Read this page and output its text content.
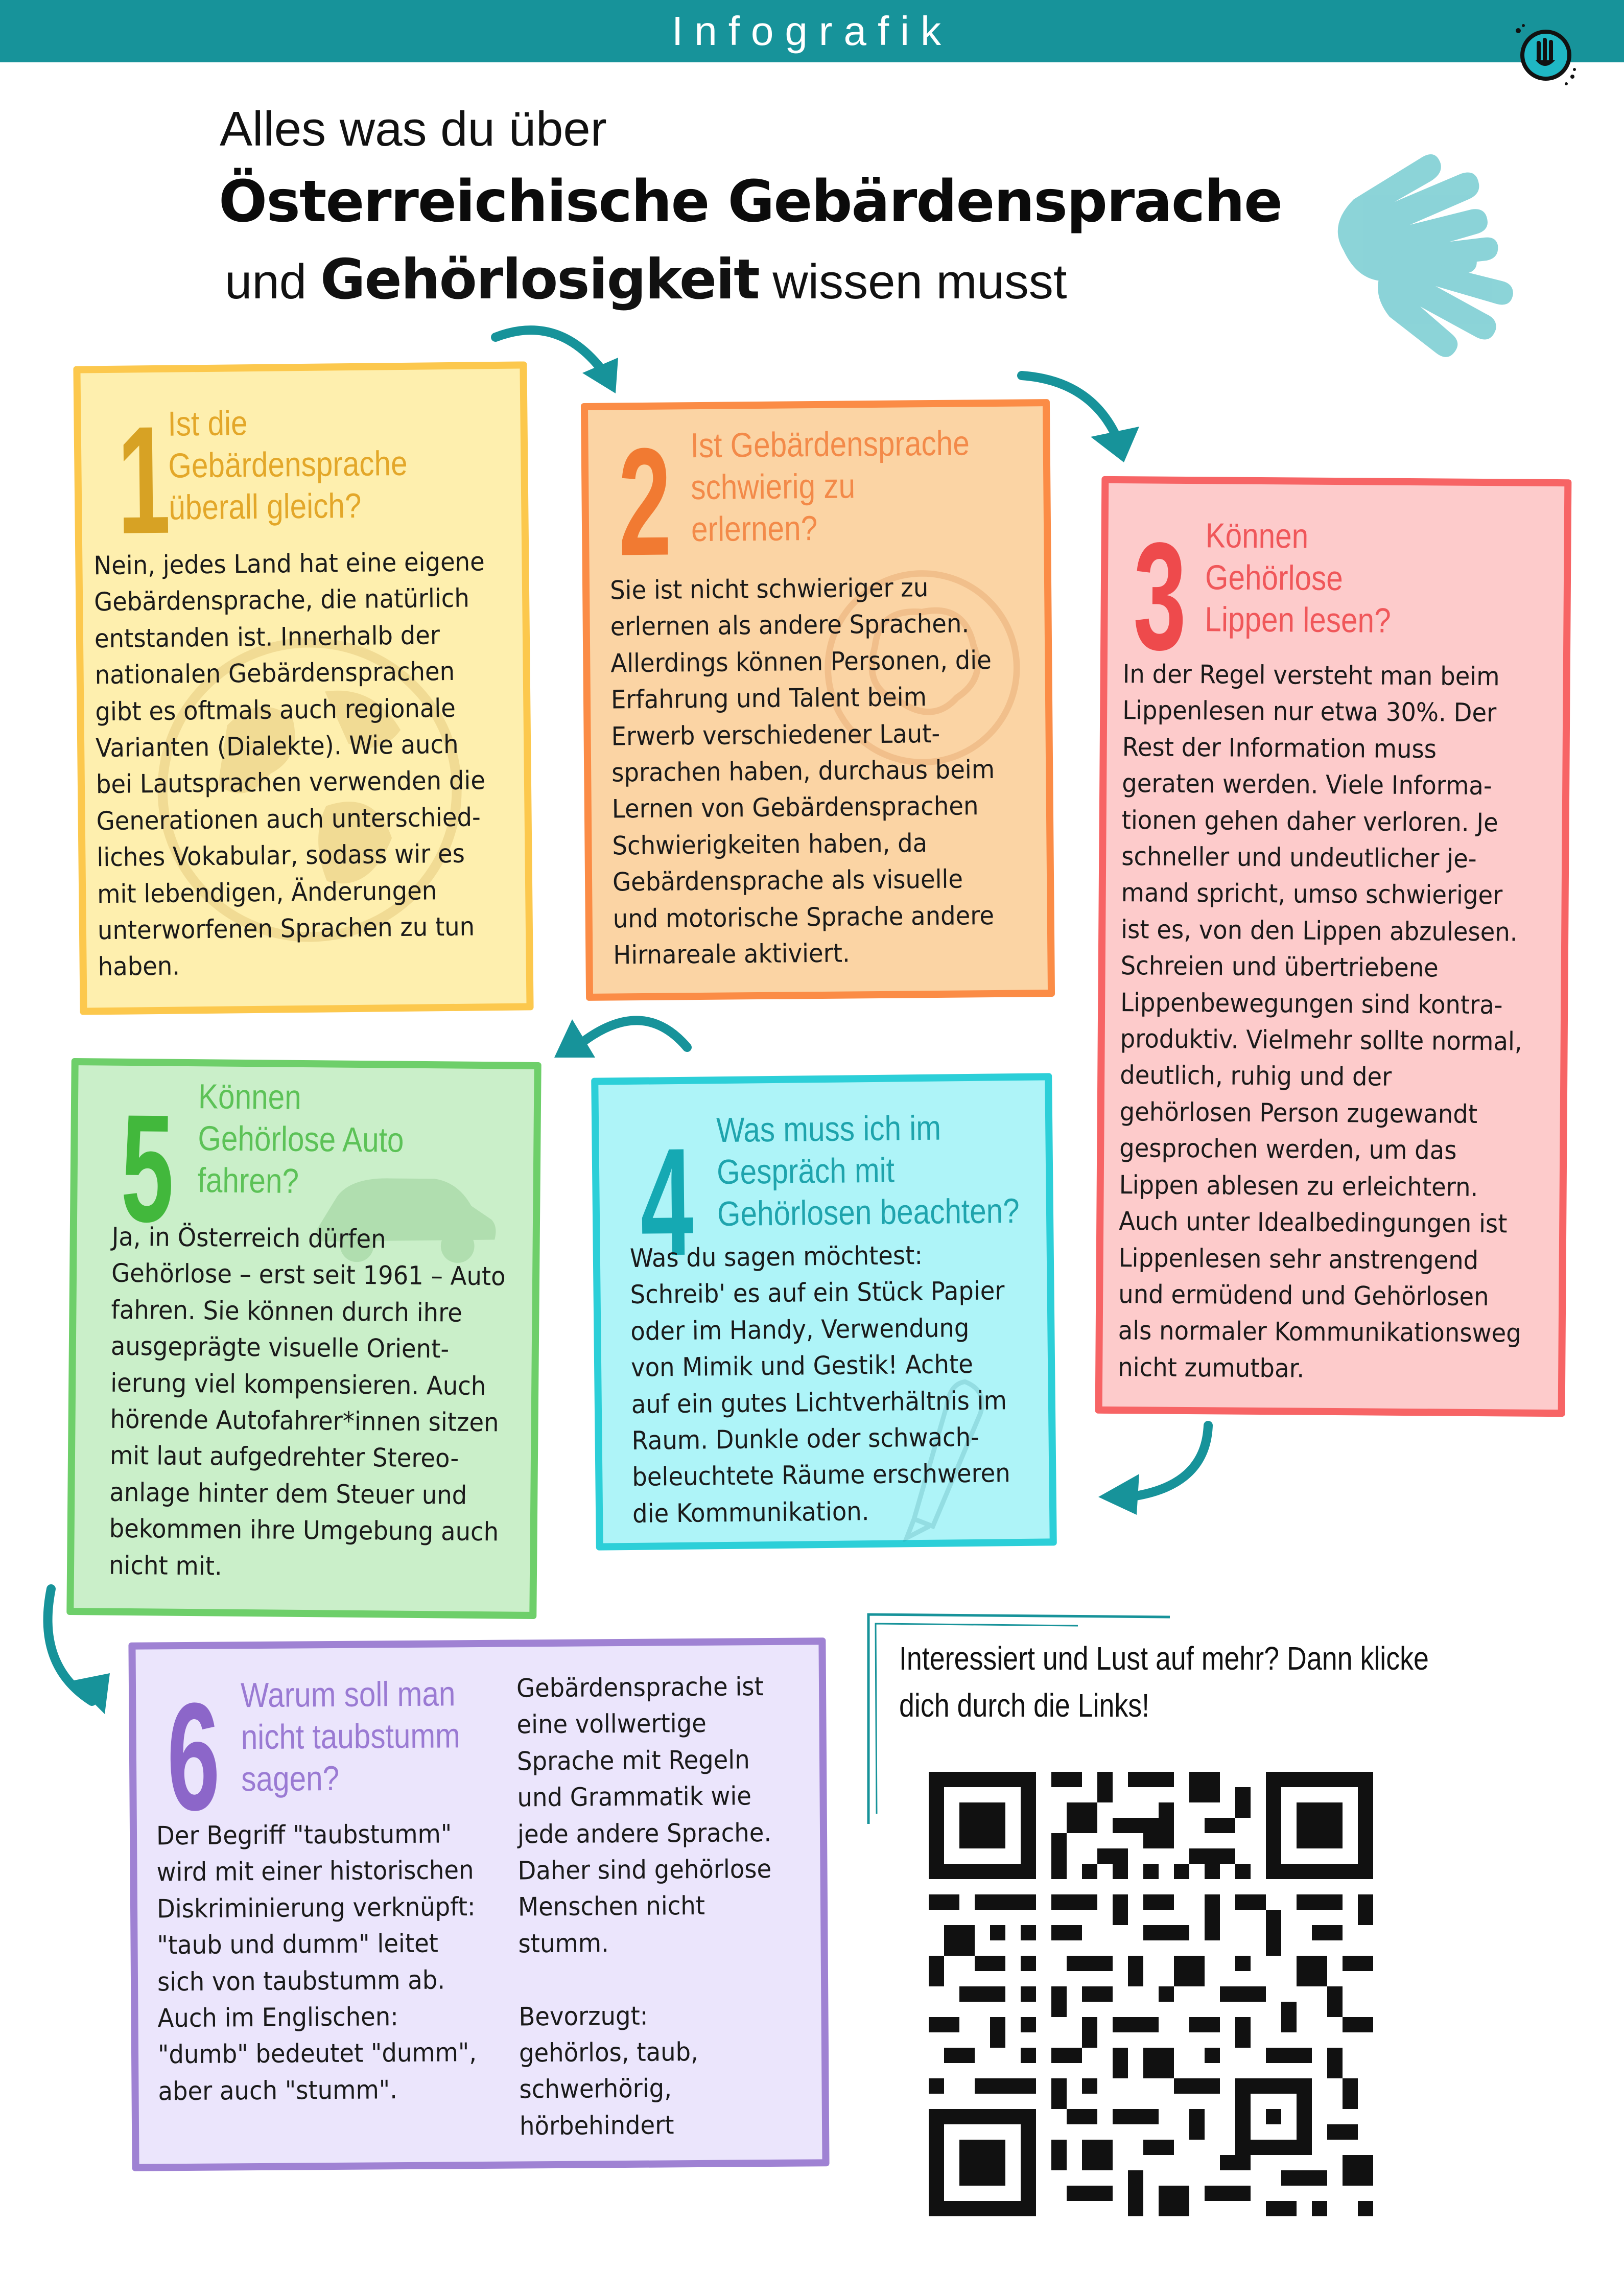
Infografik
Alles was du über
Österreichische Gebärdensprache
und Gehörlosigkeit wissen musst
1
Ist die
Gebärdensprache
überall gleich?
Nein, jedes Land hat eine eigene
Gebärdensprache, die natürlich
entstanden ist. Innerhalb der
nationalen Gebärdensprachen
gibt es oftmals auch regionale
Varianten (Dialekte). Wie auch
bei Lautsprachen verwenden die
Generationen auch unterschied-
liches Vokabular, sodass wir es
mit lebendigen, Änderungen
unterworfenen Sprachen zu tun
haben.
2 Ist Gebärdensprache
schwierig zu
erlernen?
Sie ist nicht schwieriger zu
erlernen als andere Sprachen.
Allerdings können Personen, die
Erfahrung und Talent beim
Erwerb verschiedener Laut-
sprachen haben, durchaus beim
Lernen von Gebärdensprachen
Schwierigkeiten haben, da
Gebärdensprache als visuelle
und motorische Sprache andere
Hirnareale aktiviert.
3 Können
Gehörlose
Lippen lesen?
In der Regel versteht man beim
Lippenlesen nur etwa 30%. Der
Rest der Information muss
geraten werden. Viele Informa-
tionen gehen daher verloren. Je
schneller und undeutlicher je-
mand spricht, umso schwieriger
ist es, von den Lippen abzulesen.
Schreien und übertriebene
Lippenbewegungen sind kontra-
produktiv. Vielmehr sollte normal,
deutlich, ruhig und der
gehörlosen Person zugewandt
gesprochen werden, um das
Lippen ablesen zu erleichtern.
Auch unter Idealbedingungen ist
Lippenlesen sehr anstrengend
und ermüdend und Gehörlosen
als normaler Kommunikationsweg
nicht zumutbar.
4 Was muss ich im
Gespräch mit
Gehörlosen beachten?
Was du sagen möchtest:
Schreib' es auf ein Stück Papier
oder im Handy, Verwendung
von Mimik und Gestik! Achte
auf ein gutes Lichtverhältnis im
Raum. Dunkle oder schwach-
beleuchtete Räume erschweren
die Kommunikation.
5 Können
Gehörlose Auto
fahren?
Ja, in Österreich dürfen
Gehörlose – erst seit 1961 – Auto
fahren. Sie können durch ihre
ausgeprägte visuelle Orient-
ierung viel kompensieren. Auch
hörende Autofahrer*innen sitzen
mit laut aufgedrehter Stereo-
anlage hinter dem Steuer und
bekommen ihre Umgebung auch
nicht mit.
6 Warum soll man
nicht taubstumm
sagen?
Der Begriff "taubstumm"
wird mit einer historischen
Diskriminierung verknüpft:
"taub und dumm" leitet
sich von taubstumm ab.
Auch im Englischen:
"dumb" bedeutet "dumm",
aber auch "stumm".
Gebärdensprache ist
eine vollwertige
Sprache mit Regeln
und Grammatik wie
jede andere Sprache.
Daher sind gehörlose
Menschen nicht
stumm.

Bevorzugt:
gehörlos, taub,
schwerhörig,
hörbehindert
Interessiert und Lust auf mehr? Dann klicke
dich durch die Links!
